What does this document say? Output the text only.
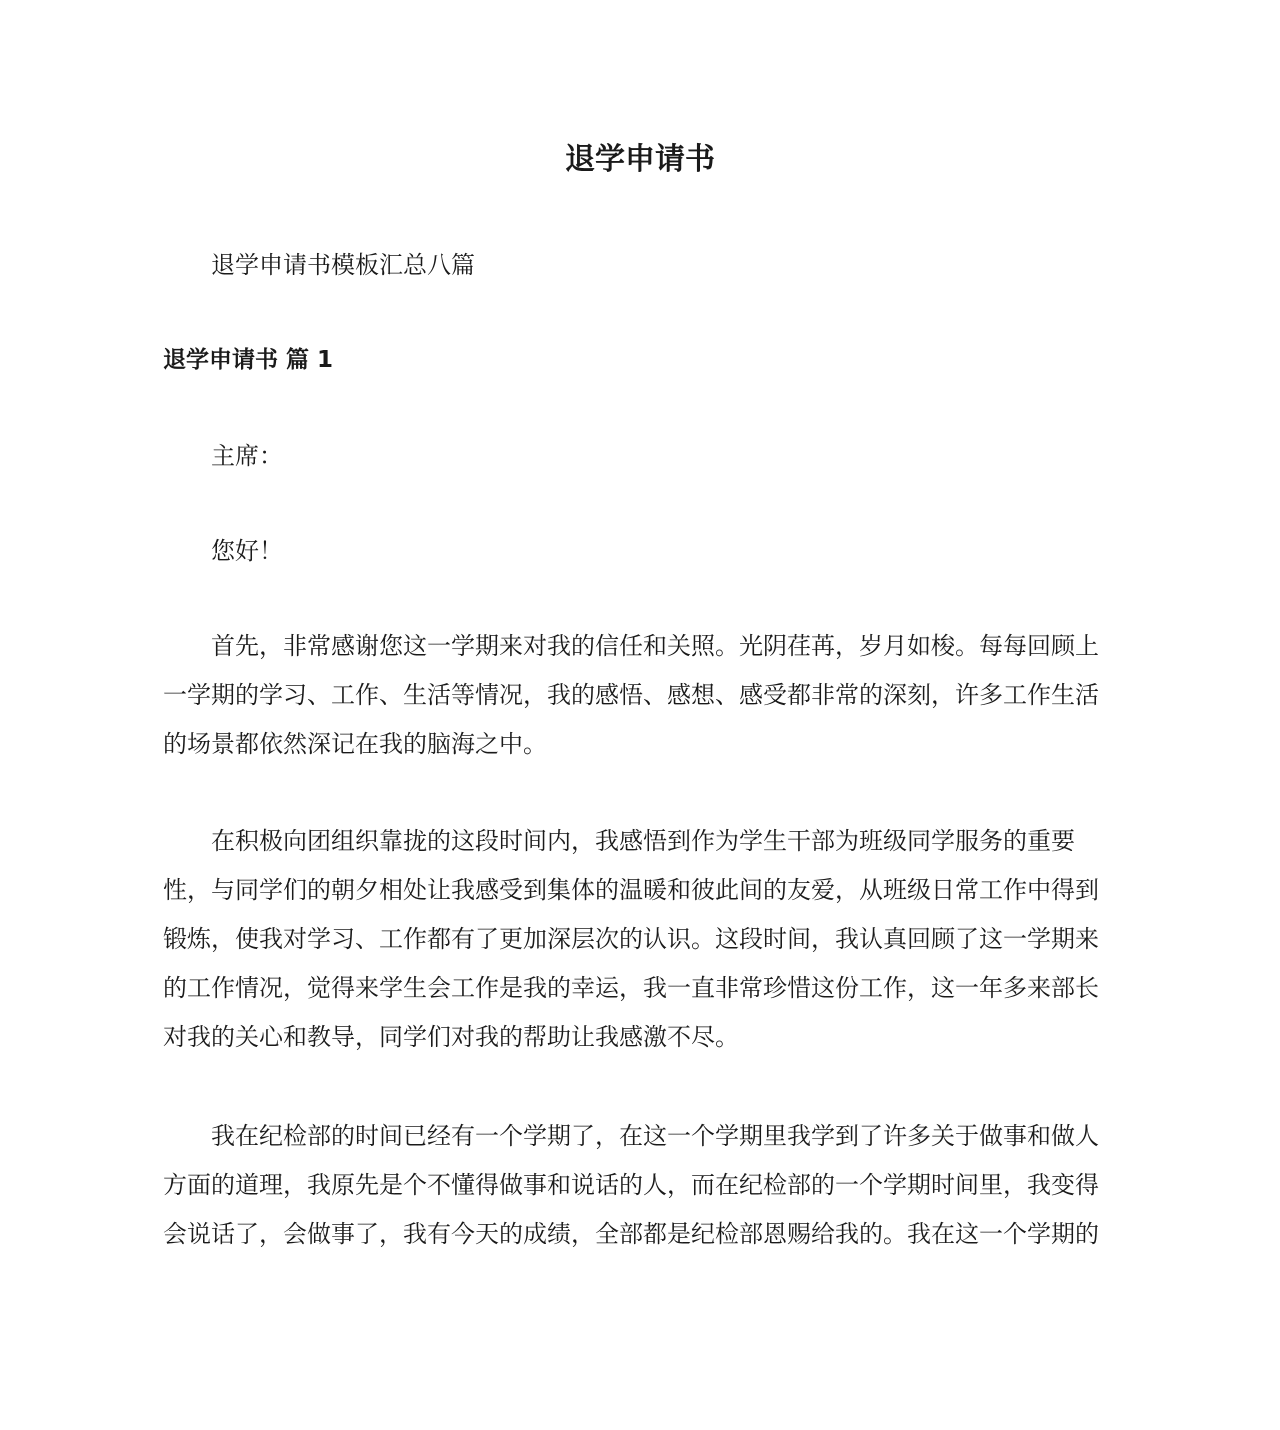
退学申请书
退学申请书模板汇总八篇
退学申请书 篇 1
主席：
您好！
首先，非常感谢您这一学期来对我的信任和关照。光阴荏苒，岁月如梭。每每回顾上
一学期的学习、工作、生活等情况，我的感悟、感想、感受都非常的深刻，许多工作生活
的场景都依然深记在我的脑海之中。
在积极向团组织靠拢的这段时间内，我感悟到作为学生干部为班级同学服务的重要
性，与同学们的朝夕相处让我感受到集体的温暖和彼此间的友爱，从班级日常工作中得到
锻炼，使我对学习、工作都有了更加深层次的认识。这段时间，我认真回顾了这一学期来
的工作情况，觉得来学生会工作是我的幸运，我一直非常珍惜这份工作，这一年多来部长
对我的关心和教导，同学们对我的帮助让我感激不尽。
我在纪检部的时间已经有一个学期了，在这一个学期里我学到了许多关于做事和做人
方面的道理，我原先是个不懂得做事和说话的人，而在纪检部的一个学期时间里，我变得
会说话了，会做事了，我有今天的成绩，全部都是纪检部恩赐给我的。我在这一个学期的
